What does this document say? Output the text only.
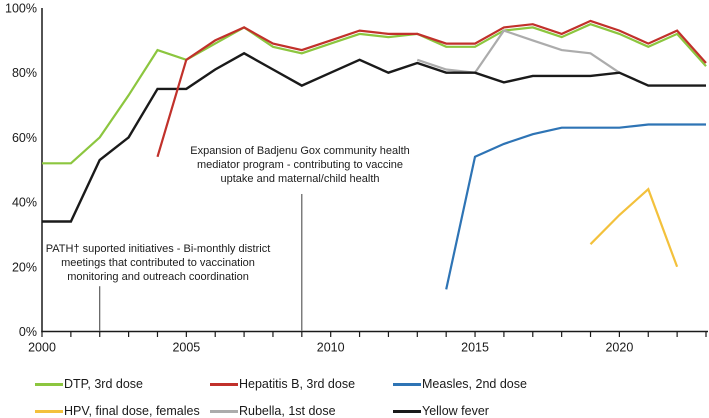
2000	2005	2010	2015	2020
0%
20%
40%
60%
80%
100%
Expansion of Badjenu Gox community health
mediator program - contributing to vaccine
uptake and maternal/child health
PATH† suported initiatives - Bi-monthly district
meetings that contributed to vaccination
monitoring and outreach coordination
DTP, 3rd dose	Hepatitis B, 3rd dose	Measles, 2nd dose
HPV, final dose, females	Rubella, 1st dose	Yellow fever
